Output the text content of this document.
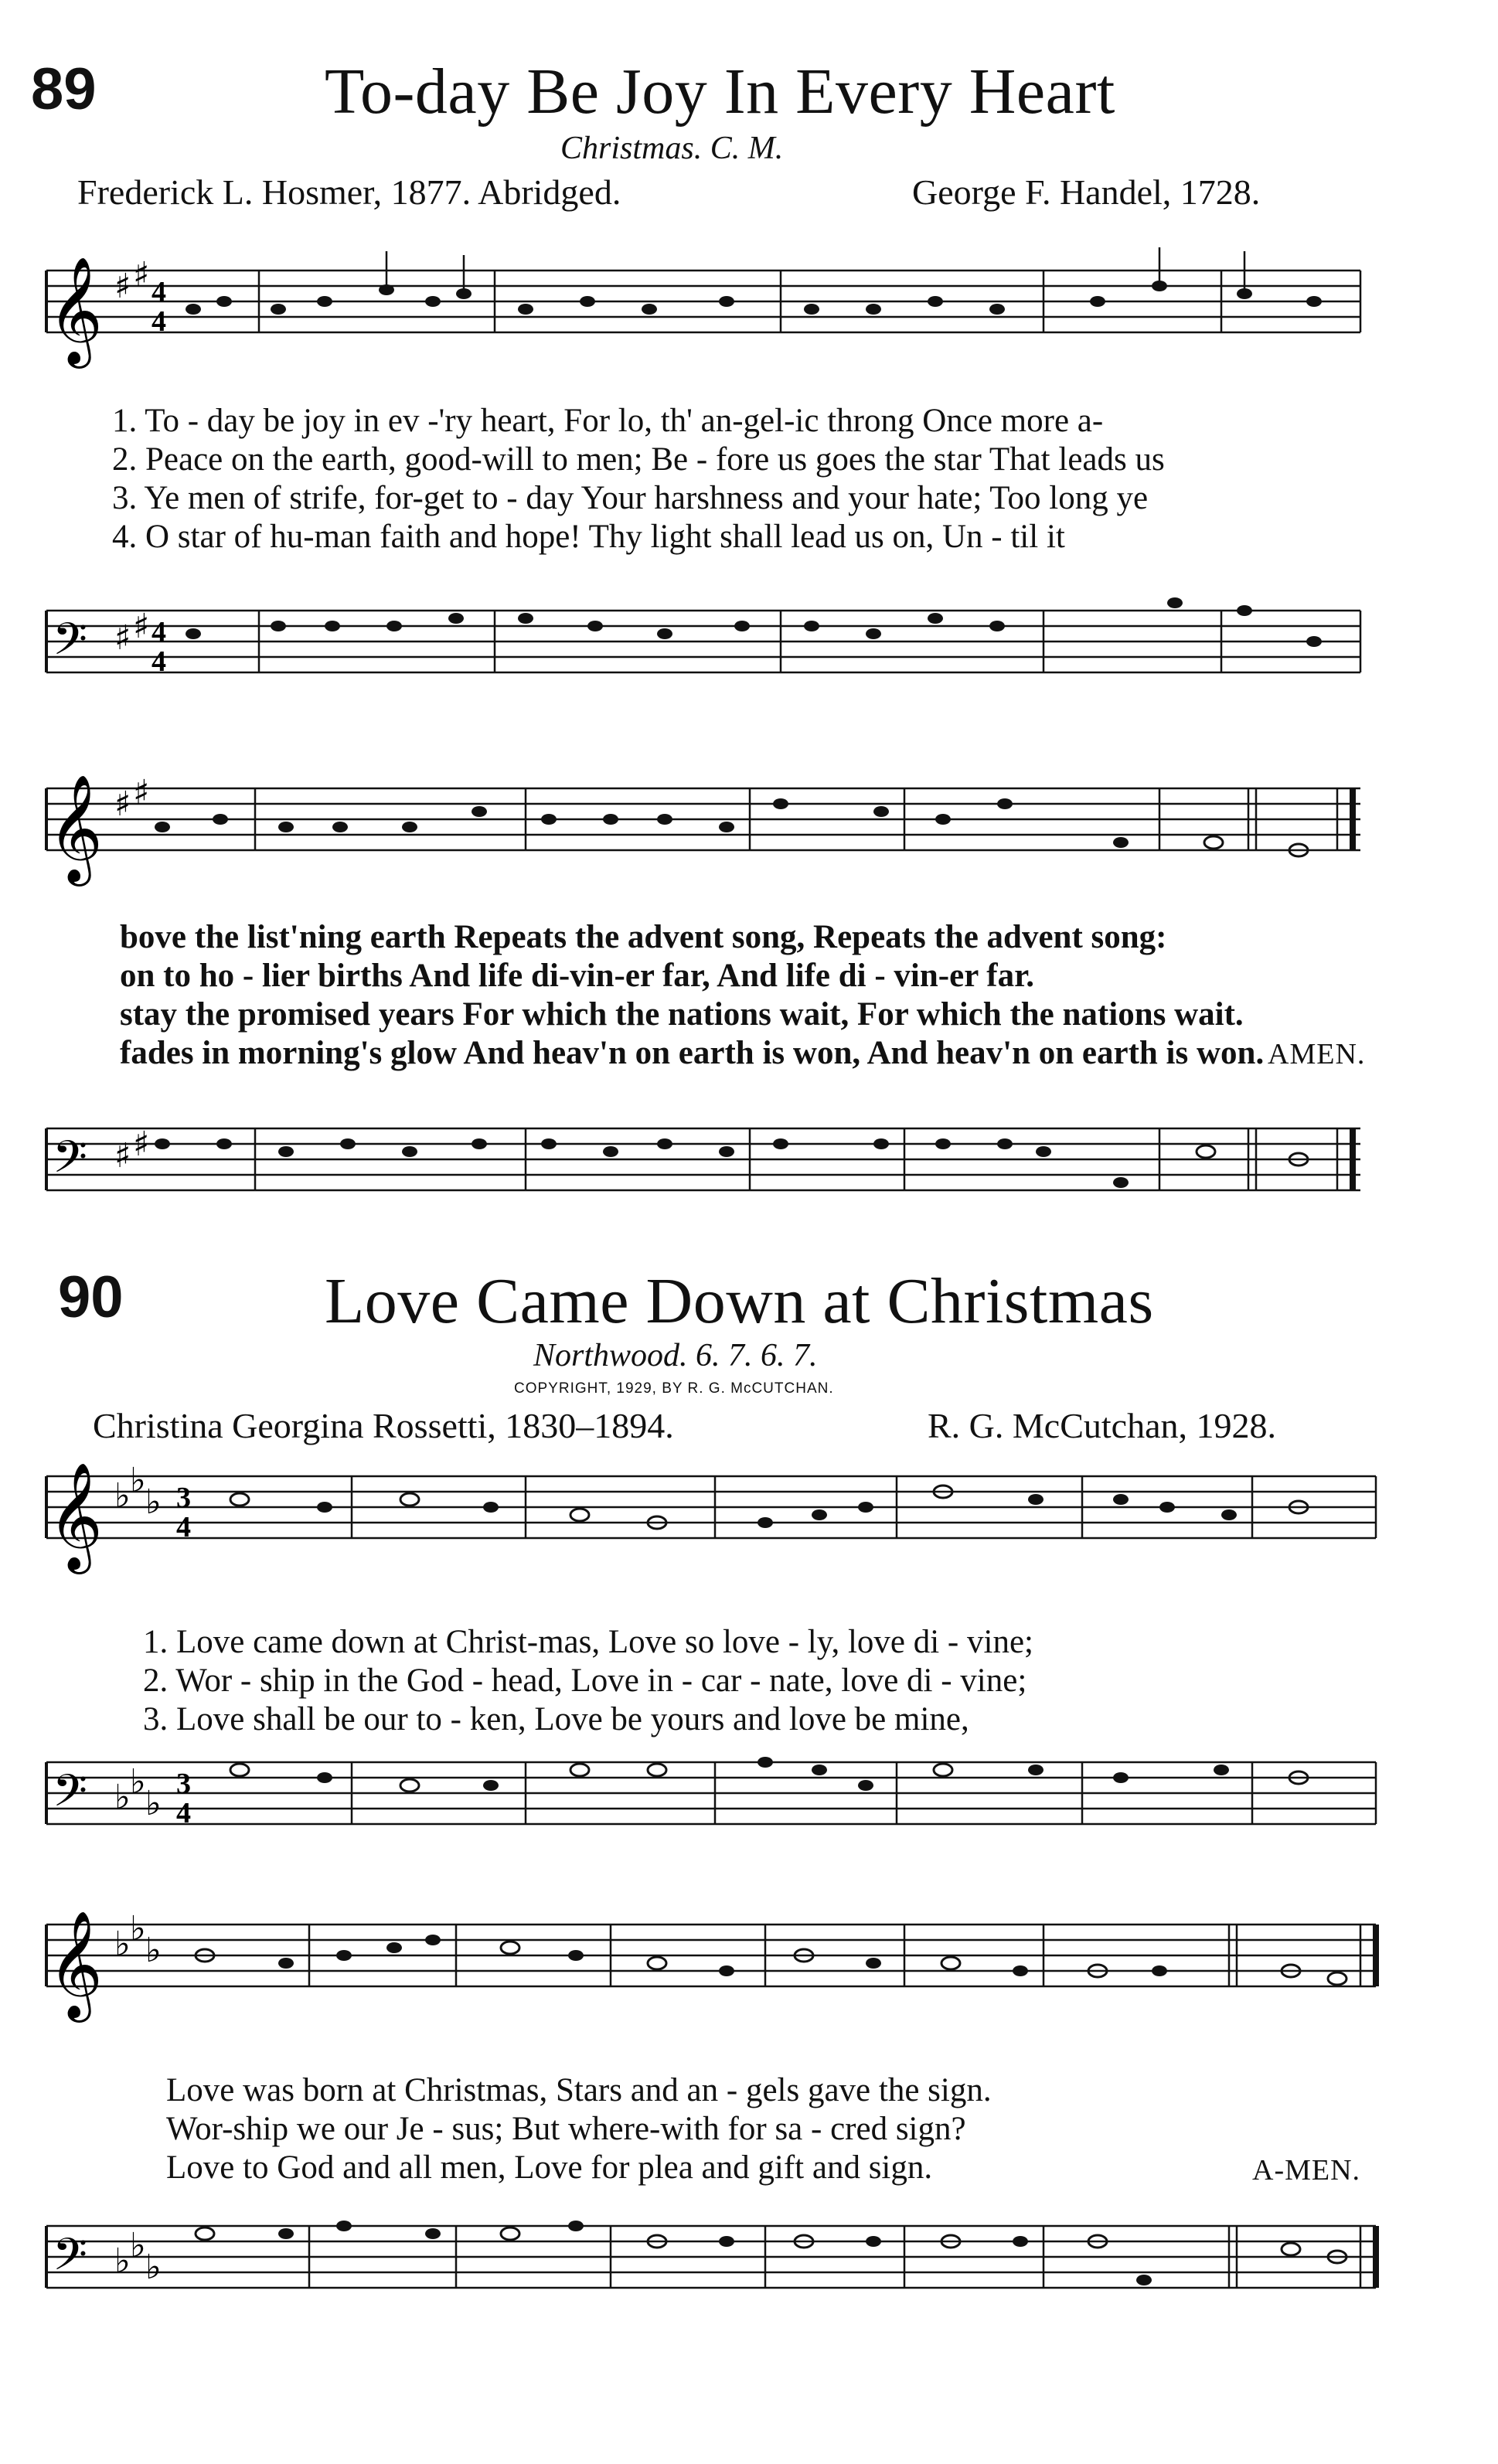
89	To-day Be Joy In Every Heart
Christmas. C. M.
Frederick L. Hosmer, 1877. Abridged.	George F. Handel, 1728.
𝄞 ♯ ♯ 4
4
𝄢 ♯ ♯ 4
4
1. To - day be joy in ev -'ry heart, For lo, th' an-gel-ic throng Once more a-
2. Peace on the earth, good-will to men; Be - fore us goes the star That leads us
3. Ye men of strife, for-get to - day Your harshness and your hate; Too long ye
4. O star of hu-man faith and hope! Thy light shall lead us on, Un - til it
𝄞 ♯ ♯
𝄢 ♯ ♯
bove the list'ning earth Repeats the advent song, Repeats the advent song:
on to ho - lier births And life di-vin-er far, And life di - vin-er far.
stay the promised years For which the nations wait, For which the nations wait.
fades in morning's glow And heav'n on earth is won, And heav'n on earth is won. AMEN.
90	Love Came Down at Christmas
Northwood. 6. 7. 6. 7.
COPYRIGHT, 1929, BY R. G. McCUTCHAN.
Christina Georgina Rossetti, 1830–1894.	R. G. McCutchan, 1928.
𝄞 ♭ ♭
♭ 3
4
𝄢 ♭ ♭
♭ 3
4
1. Love came down at Christ-mas, Love so love - ly, love di - vine;
2. Wor - ship in the God - head, Love in - car - nate, love di - vine;
3. Love shall be our to - ken, Love be yours and love be mine,
𝄞 ♭ ♭
♭
𝄢 ♭ ♭
♭
Love was born at Christmas, Stars and an - gels gave the sign.
Wor-ship we our Je - sus; But where-with for sa - cred sign?
Love to God and all men, Love for plea and gift and sign.	A-MEN.
